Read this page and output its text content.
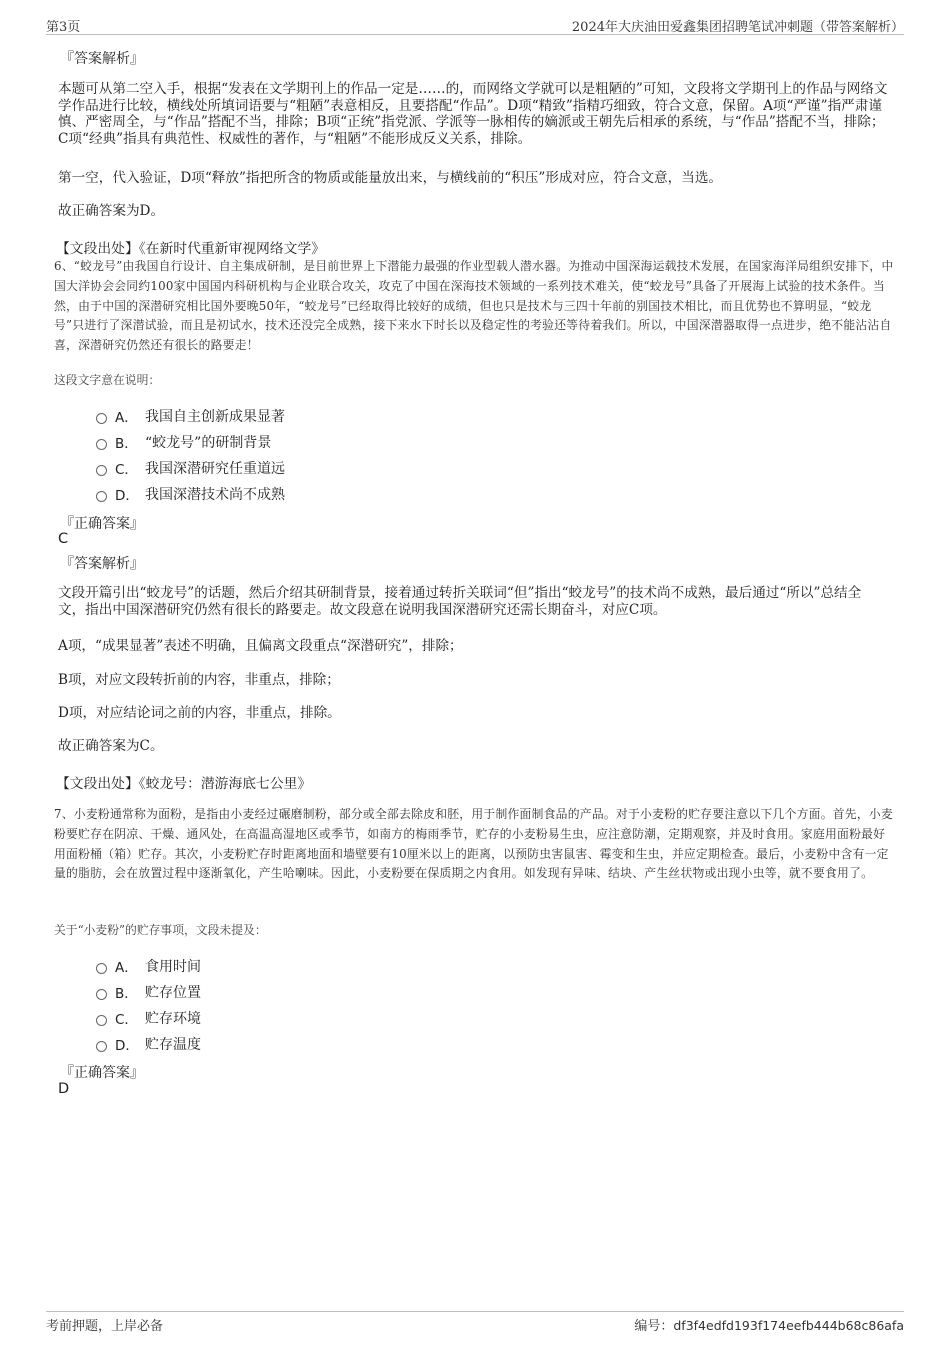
第3页	2024年大庆油田爱鑫集团招聘笔试冲刺题（带答案解析）
『答案解析』

本题可从第二空入手，根据“发表在文学期刊上的作品一定是……的，而网络文学就可以是粗陋的”可知，文段将文学期刊上的作品与网络文学作品进行比较，横线处所填词语要与“粗陋”表意相反，且要搭配“作品”。D项“精致”指精巧细致，符合文意，保留。A项“严谨”指严肃谨慎、严密周全，与“作品”搭配不当，排除；B项“正统”指党派、学派等一脉相传的嫡派或王朝先后相承的系统，与“作品”搭配不当，排除；C项“经典”指具有典范性、权威性的著作，与“粗陋”不能形成反义关系，排除。

第一空，代入验证，D项“释放”指把所含的物质或能量放出来，与横线前的“积压”形成对应，符合文意，当选。

故正确答案为D。

【文段出处】《在新时代重新审视网络文学》

6、“蛟龙号”由我国自行设计、自主集成研制，是目前世界上下潜能力最强的作业型载人潜水器。为推动中国深海运载技术发展，在国家海洋局组织安排下，中国大洋协会会同约100家中国国内科研机构与企业联合攻关，攻克了中国在深海技术领域的一系列技术难关，使“蛟龙号”具备了开展海上试验的技术条件。当然，由于中国的深潜研究相比国外要晚50年，“蛟龙号”已经取得比较好的成绩，但也只是技术与三四十年前的别国技术相比，而且优势也不算明显，“蛟龙号”只进行了深潜试验，而且是初试水，技术还没完全成熟，接下来水下时长以及稳定性的考验还等待着我们。所以，中国深潜器取得一点进步，绝不能沾沾自喜，深潜研究仍然还有很长的路要走！

这段文字意在说明：
A． 我国自主创新成果显著
B． “蛟龙号”的研制背景
C． 我国深潜研究任重道远
D． 我国深潜技术尚不成熟
『正确答案』
C
『答案解析』

文段开篇引出“蛟龙号”的话题，然后介绍其研制背景，接着通过转折关联词“但”指出“蛟龙号”的技术尚不成熟，最后通过“所以”总结全文，指出中国深潜研究仍然有很长的路要走。故文段意在说明我国深潜研究还需长期奋斗，对应C项。

A项，“成果显著”表述不明确，且偏离文段重点“深潜研究”，排除；

B项，对应文段转折前的内容，非重点，排除；

D项，对应结论词之前的内容，非重点，排除。

故正确答案为C。

【文段出处】《蛟龙号：潜游海底七公里》

7、小麦粉通常称为面粉，是指由小麦经过碾磨制粉，部分或全部去除皮和胚，用于制作面制食品的产品。对于小麦粉的贮存要注意以下几个方面。首先，小麦粉要贮存在阴凉、干燥、通风处，在高温高湿地区或季节，如南方的梅雨季节，贮存的小麦粉易生虫，应注意防潮，定期观察，并及时食用。家庭用面粉最好用面粉桶（箱）贮存。其次，小麦粉贮存时距离地面和墙壁要有10厘米以上的距离，以预防虫害鼠害、霉变和生虫，并应定期检查。最后，小麦粉中含有一定量的脂肪，会在放置过程中逐渐氧化，产生哈喇味。因此，小麦粉要在保质期之内食用。如发现有异味、结块、产生丝状物或出现小虫等，就不要食用了。

关于“小麦粉”的贮存事项，文段未提及：
A． 食用时间
B． 贮存位置
C． 贮存环境
D． 贮存温度
『正确答案』
D
考前押题，上岸必备	编号：df3f4edfd193f174eefb444b68c86afa
